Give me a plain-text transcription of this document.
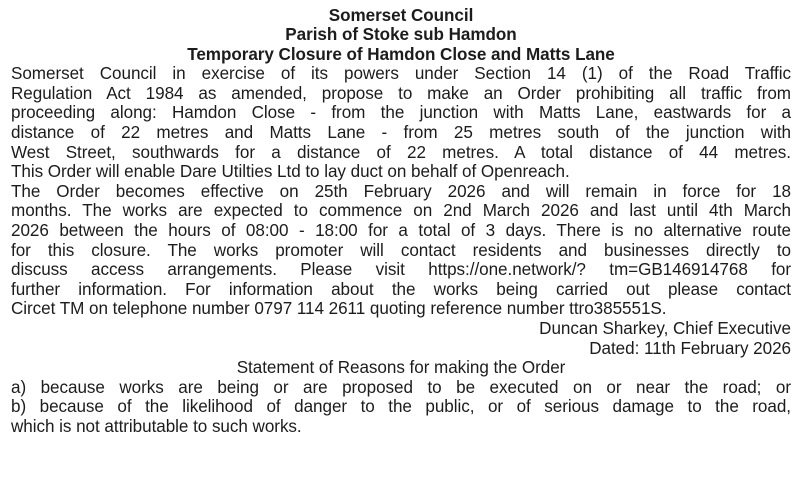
Somerset Council

Parish of Stoke sub Hamdon

Temporary Closure of Hamdon Close and Matts Lane

Somerset Council in exercise of its powers under Section 14 (1) of the Road Traffic
Regulation Act 1984 as amended, propose to make an Order prohibiting all traffic from
proceeding along: Hamdon Close - from the junction with Matts Lane, eastwards for a
distance of 22 metres and Matts Lane - from 25 metres south of the junction with
West Street, southwards for a distance of 22 metres. A total distance of 44 metres.
This Order will enable Dare Utilties Ltd to lay duct on behalf of Openreach.

The Order becomes effective on 25th February 2026 and will remain in force for 18
months. The works are expected to commence on 2nd March 2026 and last until 4th March
2026 between the hours of 08:00 - 18:00 for a total of 3 days. There is no alternative route
for this closure. The works promoter will contact residents and businesses directly to
discuss access arrangements. Please visit https://one.network/? tm=GB146914768 for
further information. For information about the works being carried out please contact
Circet TM on telephone number 0797 114 2611 quoting reference number ttro385551S.

Duncan Sharkey, Chief Executive

Dated: 11th February 2026

Statement of Reasons for making the Order

a) because works are being or are proposed to be executed on or near the road; or
b) because of the likelihood of danger to the public, or of serious damage to the road,
which is not attributable to such works.
